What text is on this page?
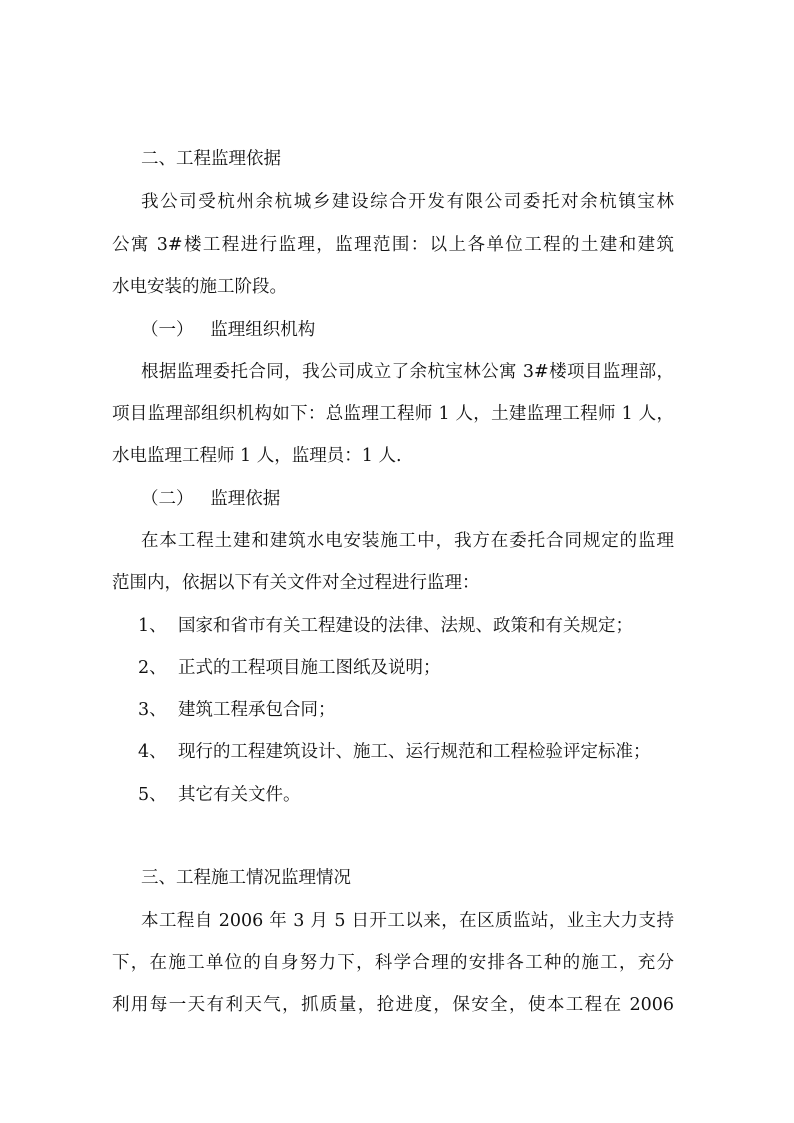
二、工程监理依据
我公司受杭州余杭城乡建设综合开发有限公司委托对余杭镇宝林
公寓 3#楼工程进行监理，监理范围：以上各单位工程的土建和建筑
水电安装的施工阶段。
（一）   监理组织机构
根据监理委托合同，我公司成立了余杭宝林公寓 3#楼项目监理部，
项目监理部组织机构如下：总监理工程师 1 人，土建监理工程师 1 人，
水电监理工程师 1 人，监理员：1 人.
（二）   监理依据
在本工程土建和建筑水电安装施工中，我方在委托合同规定的监理
范围内，依据以下有关文件对全过程进行监理：
1、 国家和省市有关工程建设的法律、法规、政策和有关规定；
2、 正式的工程项目施工图纸及说明；
3、 建筑工程承包合同；
4、 现行的工程建筑设计、施工、运行规范和工程检验评定标准；
5、 其它有关文件。
三、工程施工情况监理情况
本工程自 2006 年 3 月 5 日开工以来，在区质监站，业主大力支持
下，在施工单位的自身努力下，科学合理的安排各工种的施工，充分
利用每一天有利天气，抓质量，抢进度，保安全，使本工程在 2006
